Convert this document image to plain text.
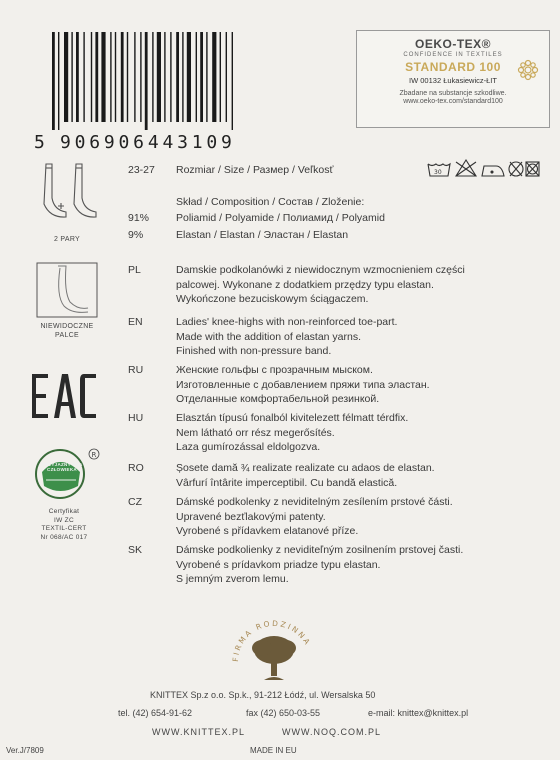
5 906906443109
OEKO-TEX®
CONFIDENCE IN TEXTILES
STANDARD 100
IW 00132 Łukasiewicz-ŁIT
Zbadane na substancje szkodliwe.
www.oeko-tex.com/standard100
2 PARY
NIEWIDOCZNE
PALCE
R
PRZYJAZNY DLA CZŁOWIEKA
Certyfikat
IW ZC
TEXTIL-CERT
Nr 068/AC 017
23-27 Rozmiar / Size / Размер / Veľkosť	30
Skład / Composition / Состав / Zloženie:
91%	Poliamid / Polyamide / Полиамид / Polyamid
9%	Elastan / Elastan / Эластан / Elastan
PL	Damskie podkolanówki z niewidocznym wzmocnieniem części
palcowej. Wykonane z dodatkiem przędzy typu elastan.
Wykończone bezuciskowym ściągaczem.
EN	Ladies' knee-highs with non-reinforced toe-part.
Made with the addition of elastan yarns.
Finished with non-pressure band.
RU	Женские гольфы с прозрачным мыском.
Изготовленные с добавлением пряжи типа эластан.
Отделанные комфортабельной резинкой.
HU	Elasztán típusú fonalból kivitelezett félmatt térdfix.
Nem látható orr rész megerősítés.
Laza gumírozással eldolgozva.
RO	Șosete damă ¾ realizate realizate cu adaos de elastan.
Vârfurí întârite imperceptibil. Cu bandă elastică.
CZ	Dámské podkolenky z neviditelným zesílením prstové části.
Upravené bezťlakovými patenty.
Vyrobené s přídavkem elatanové příze.
SK	Dámske podkolienky z neviditeľným zosilnením prstovej časti.
Vyrobené s prídavkom priadze typu elastan.
S jemným zverom lemu.
FIRMA RODZINNA
KNITTEX Sp.z o.o. Sp.k., 91-212 Łódź, ul. Wersalska 50
tel. (42) 654-91-62	fax (42) 650-03-55	e-mail: knittex@knittex.pl
WWW.KNITTEX.PL	WWW.NOQ.COM.PL
Ver.J/7809	MADE IN EU
